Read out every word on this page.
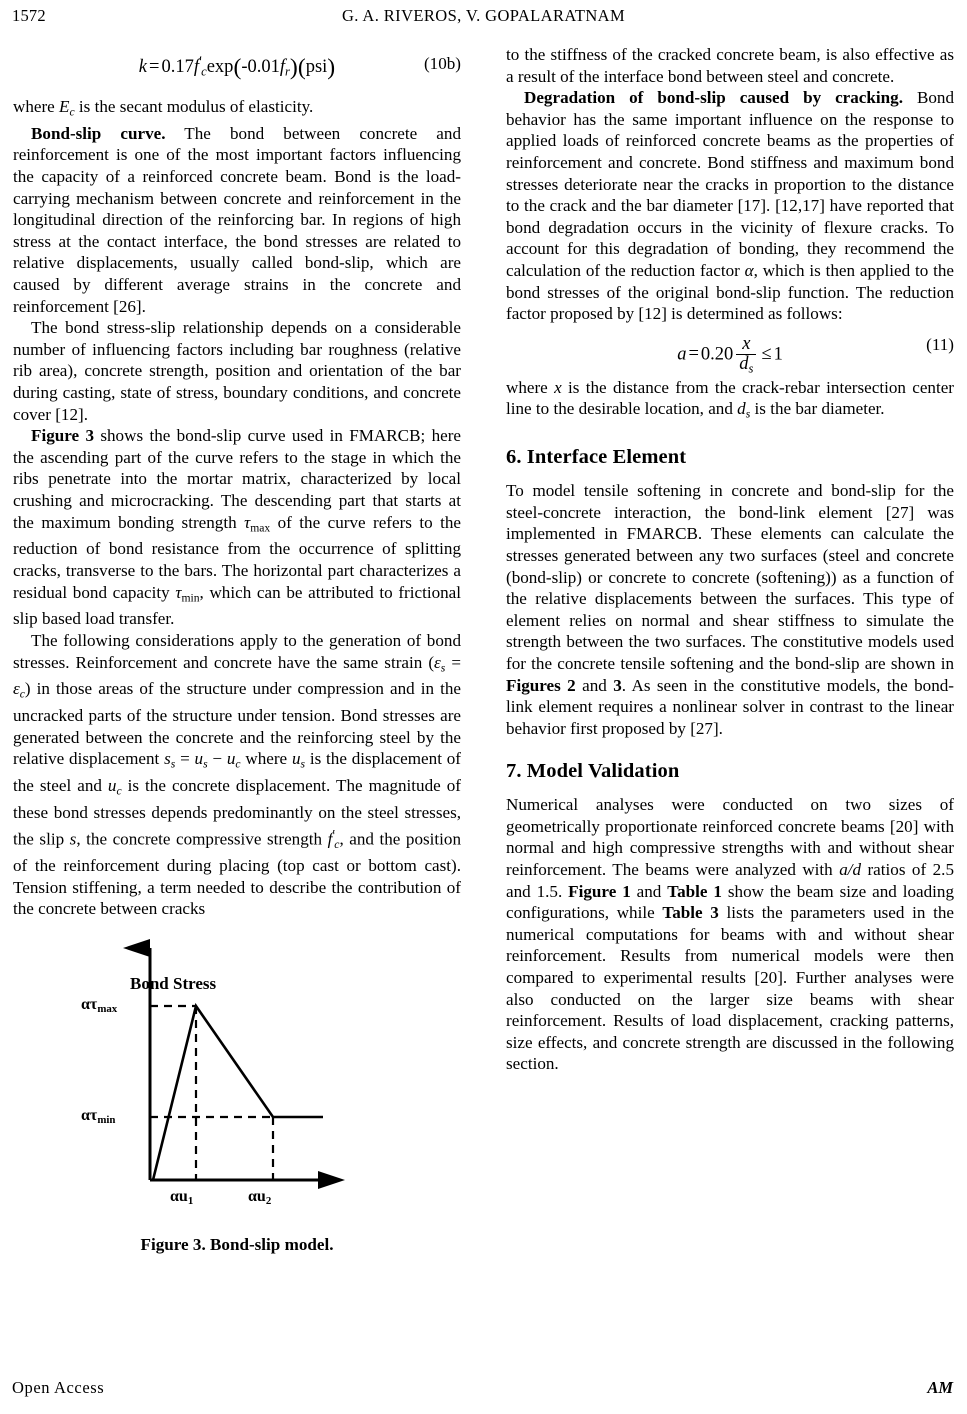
1572	G. A. RIVEROS, V. GOPALARATNAM
$k = 0.17f'_c\exp(-0.01f_r)(psi)$	(10b)

where $E_c$ is the secant modulus of elasticity.

Bond-slip curve. The bond between concrete and reinforcement is one of the most important factors influencing the capacity of a reinforced concrete beam. Bond is the load-carrying mechanism between concrete and reinforcement in the longitudinal direction of the reinforcing bar. In regions of high stress at the contact interface, the bond stresses are related to relative displacements, usually called bond-slip, which are caused by different average strains in the concrete and reinforcement [26].

The bond stress-slip relationship depends on a considerable number of influencing factors including bar roughness (relative rib area), concrete strength, position and orientation of the bar during casting, state of stress, boundary conditions, and concrete cover [12].

Figure 3 shows the bond-slip curve used in FMARCB; here the ascending part of the curve refers to the stage in which the ribs penetrate into the mortar matrix, characterized by local crushing and microcracking. The descending part that starts at the maximum bonding strength $\tau_{max}$ of the curve refers to the reduction of bond resistance from the occurrence of splitting cracks, transverse to the bars. The horizontal part characterizes a residual bond capacity $\tau_{min}$, which can be attributed to frictional slip based load transfer.

The following considerations apply to the generation of bond stresses. Reinforcement and concrete have the same strain $(\varepsilon_s = \varepsilon_c)$ in those areas of the structure under compression and in the uncracked parts of the structure under tension. Bond stresses are generated between the concrete and the reinforcing steel by the relative displacement $s_s = u_s - u_c$ where $u_s$ is the displacement of the steel and $u_c$ is the concrete displacement. The magnitude of these bond stresses depends predominantly on the steel stresses, the slip s, the concrete compressive strength $f'_c$, and the position of the reinforcement during placing (top cast or bottom cast). Tension stiffening, a term needed to describe the contribution of the concrete between cracks

Bond Stress
$\alpha\tau_{max}$
$\alpha\tau_{min}$
$\alpha u_1$	$\alpha u_2$
Figure 3. Bond-slip model.

to the stiffness of the cracked concrete beam, is also effective as a result of the interface bond between steel and concrete.

Degradation of bond-slip caused by cracking. Bond behavior has the same important influence on the response to applied loads of reinforced concrete beams as the properties of reinforcement and concrete. Bond stiffness and maximum bond stresses deteriorate near the cracks in proportion to the distance to the crack and the bar diameter [17]. [12,17] have reported that bond degradation occurs in the vicinity of flexure cracks. To account for this degradation of bonding, they recommend the calculation of the reduction factor α, which is then applied to the bond stresses of the original bond-slip function. The reduction factor proposed by [12] is determined as follows:

$a = 0.20 \frac{x}{d_s} \le 1$	(11)

where x is the distance from the crack-rebar intersection center line to the desirable location, and $d_s$ is the bar diameter.

6. Interface Element

To model tensile softening in concrete and bond-slip for the steel-concrete interaction, the bond-link element [27] was implemented in FMARCB. These elements can calculate the stresses generated between any two surfaces (steel and concrete (bond-slip) or concrete to concrete (softening)) as a function of the relative displacements between the surfaces. This type of element relies on normal and shear stiffness to simulate the strength between the two surfaces. The constitutive models used for the concrete tensile softening and the bond-slip are shown in Figures 2 and 3. As seen in the constitutive models, the bond-link element requires a nonlinear solver in contrast to the linear behavior first proposed by [27].

7. Model Validation

Numerical analyses were conducted on two sizes of geometrically proportionate reinforced concrete beams [20] with normal and high compressive strengths with and without shear reinforcement. The beams were analyzed with a/d ratios of 2.5 and 1.5. Figure 1 and Table 1 show the beam size and loading configurations, while Table 3 lists the parameters used in the numerical computations for beams with and without shear reinforcement. Results from numerical models were then compared to experimental results [20]. Further analyses were also conducted on the larger size beams with shear reinforcement. Results of load displacement, cracking patterns, size effects, and concrete strength are discussed in the following section.

Open Access	AM
